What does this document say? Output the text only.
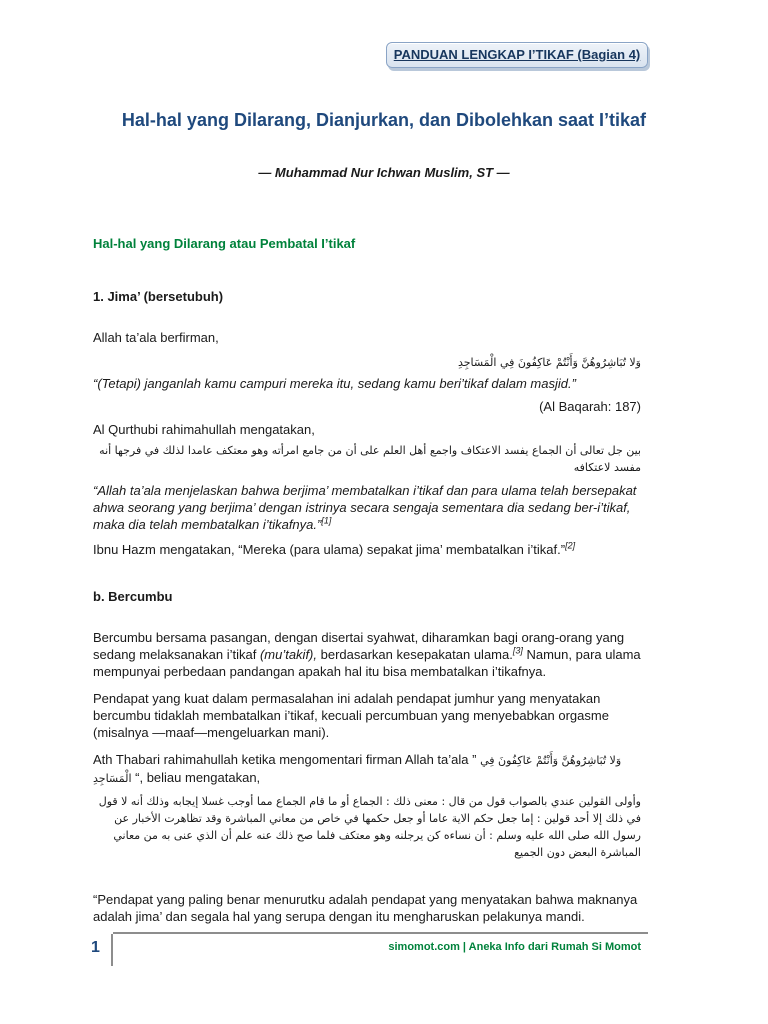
PANDUAN LENGKAP I’TIKAF (Bagian 4)
Hal-hal yang Dilarang, Dianjurkan, dan Dibolehkan saat I’tikaf
— Muhammad Nur Ichwan Muslim, ST —
Hal-hal yang Dilarang atau Pembatal I’tikaf

1. Jima’ (bersetubuh)

Allah ta’ala berfirman,

وَلا تُبَاشِرُوهُنَّ وَأَنْتُمْ عَاكِفُونَ فِي الْمَسَاجِدِ

“(Tetapi) janganlah kamu campuri mereka itu, sedang kamu beri’tikaf dalam masjid.”

(Al Baqarah: 187)

Al Qurthubi rahimahullah mengatakan,

بين جل تعالى أن الجماع يفسد الاعتكاف واجمع أهل العلم على أن من جامع امرأته وهو معتكف عامدا لذلك في فرجها أنه مفسد لاعتكافه

“Allah ta’ala menjelaskan bahwa berjima’ membatalkan i’tikaf dan para ulama telah bersepakat ahwa seorang yang berjima’ dengan istrinya secara sengaja sementara dia sedang ber-i’tikaf, maka dia telah membatalkan i’tikafnya.”[1]

Ibnu Hazm mengatakan, “Mereka (para ulama) sepakat jima’ membatalkan i’tikaf.”[2]

b. Bercumbu

Bercumbu bersama pasangan, dengan disertai syahwat, diharamkan bagi orang-orang yang sedang melaksanakan i’tikaf (mu’takif), berdasarkan kesepakatan ulama.[3] Namun, para ulama mempunyai perbedaan pandangan apakah hal itu bisa membatalkan i’tikafnya.

Pendapat yang kuat dalam permasalahan ini adalah pendapat jumhur yang menyatakan bercumbu tidaklah membatalkan i’tikaf, kecuali percumbuan yang menyebabkan orgasme (misalnya —maaf—mengeluarkan mani).

Ath Thabari rahimahullah ketika mengomentari firman Allah ta’ala ” وَلا تُبَاشِرُوهُنَّ وَأَنْتُمْ عَاكِفُونَ فِي الْمَسَاجِدِ “, beliau mengatakan,

وأولى القولين عندي بالصواب قول من قال : معنى ذلك : الجماع أو ما قام الجماع مما أوجب غسلا إيجابه وذلك أنه لا قول في ذلك إلا أحد قولين : إما جعل حكم الاية عاما أو جعل حكمها في خاص من معاني المباشرة وقد تظاهرت الأخبار عن رسول الله صلى الله عليه وسلم : أن نساءه كن يرجلنه وهو معتكف فلما صح ذلك عنه علم أن الذي عنى به من معاني المباشرة البعض دون الجميع

“Pendapat yang paling benar menurutku adalah pendapat yang menyatakan bahwa maknanya adalah jima’ dan segala hal yang serupa dengan itu mengharuskan pelakunya mandi.

1	simomot.com | Aneka Info dari Rumah Si Momot
